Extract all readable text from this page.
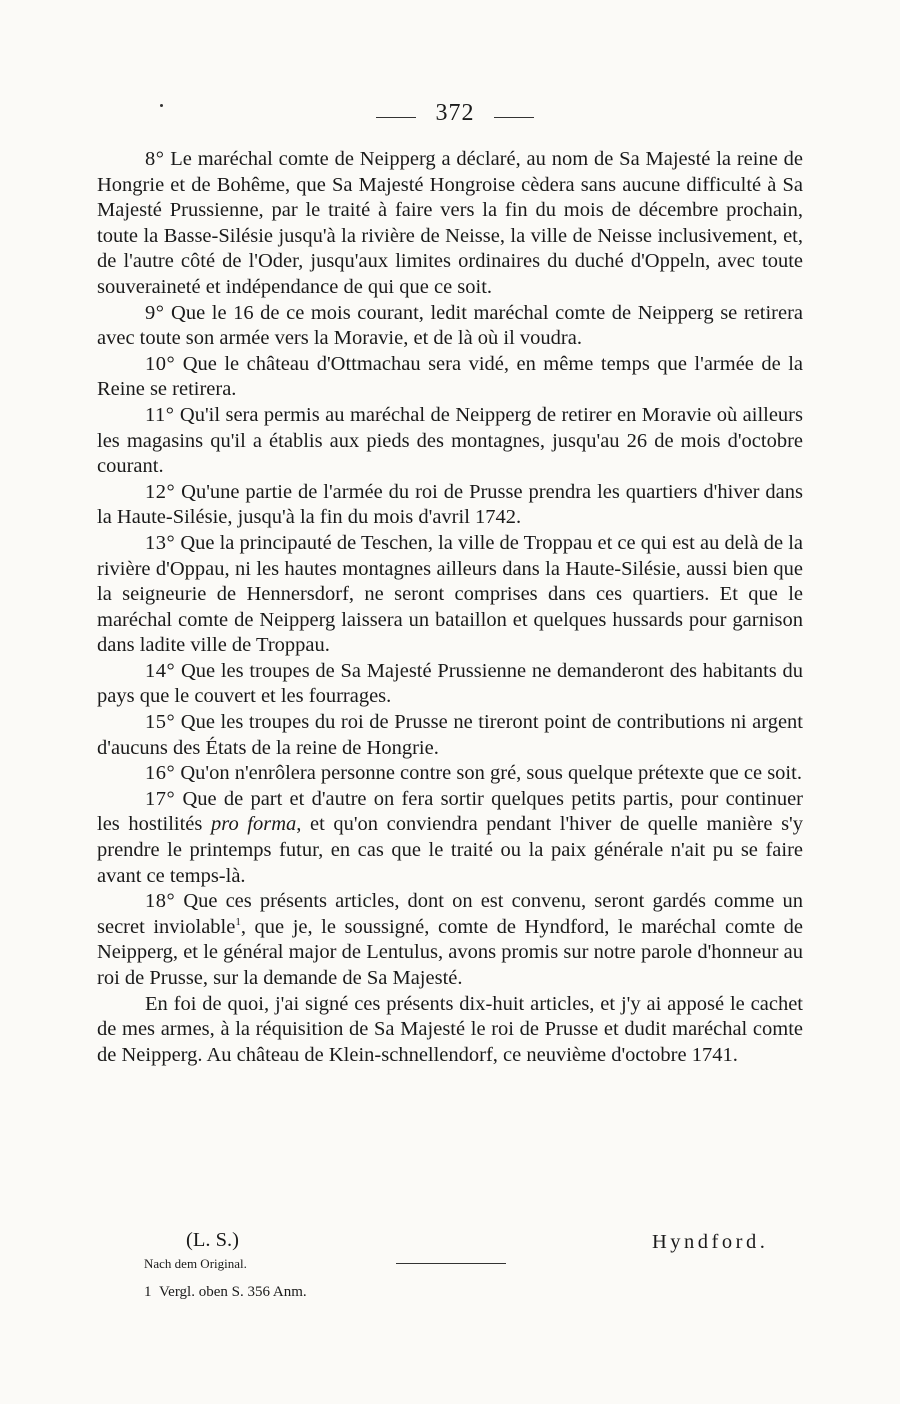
372

8° Le maréchal comte de Neipperg a déclaré, au nom de Sa Majesté la reine de Hongrie et de Bohême, que Sa Majesté Hongroise cèdera sans aucune difficulté à Sa Majesté Prussienne, par le traité à faire vers la fin du mois de décembre prochain, toute la Basse-Silésie jusqu'à la rivière de Neisse, la ville de Neisse inclusivement, et, de l'autre côté de l'Oder, jusqu'aux limites ordinaires du duché d'Oppeln, avec toute souveraineté et indépendance de qui que ce soit.

9° Que le 16 de ce mois courant, ledit maréchal comte de Neipperg se retirera avec toute son armée vers la Moravie, et de là où il voudra.

10° Que le château d'Ottmachau sera vidé, en même temps que l'armée de la Reine se retirera.

11° Qu'il sera permis au maréchal de Neipperg de retirer en Moravie où ailleurs les magasins qu'il a établis aux pieds des montagnes, jusqu'au 26 de mois d'octobre courant.

12° Qu'une partie de l'armée du roi de Prusse prendra les quartiers d'hiver dans la Haute-Silésie, jusqu'à la fin du mois d'avril 1742.

13° Que la principauté de Teschen, la ville de Troppau et ce qui est au delà de la rivière d'Oppau, ni les hautes montagnes ailleurs dans la Haute-Silésie, aussi bien que la seigneurie de Hennersdorf, ne seront comprises dans ces quartiers. Et que le maréchal comte de Neipperg laissera un bataillon et quelques hussards pour garnison dans ladite ville de Troppau.

14° Que les troupes de Sa Majesté Prussienne ne demanderont des habitants du pays que le couvert et les fourrages.

15° Que les troupes du roi de Prusse ne tireront point de contributions ni argent d'aucuns des États de la reine de Hongrie.

16° Qu'on n'enrôlera personne contre son gré, sous quelque prétexte que ce soit.

17° Que de part et d'autre on fera sortir quelques petits partis, pour continuer les hostilités pro forma, et qu'on conviendra pendant l'hiver de quelle manière s'y prendre le printemps futur, en cas que le traité ou la paix générale n'ait pu se faire avant ce temps-là.

18° Que ces présents articles, dont on est convenu, seront gardés comme un secret inviolable$^1$, que je, le soussigné, comte de Hyndford, le maréchal comte de Neipperg, et le général major de Lentulus, avons promis sur notre parole d'honneur au roi de Prusse, sur la demande de Sa Majesté.

En foi de quoi, j'ai signé ces présents dix-huit articles, et j'y ai apposé le cachet de mes armes, à la réquisition de Sa Majesté le roi de Prusse et dudit maréchal comte de Neipperg. Au château de Klein-schnellendorf, ce neuvième d'octobre 1741.

(L. S.)	Hyndford.
Nach dem Original.
1 Vergl. oben S. 356 Anm.
